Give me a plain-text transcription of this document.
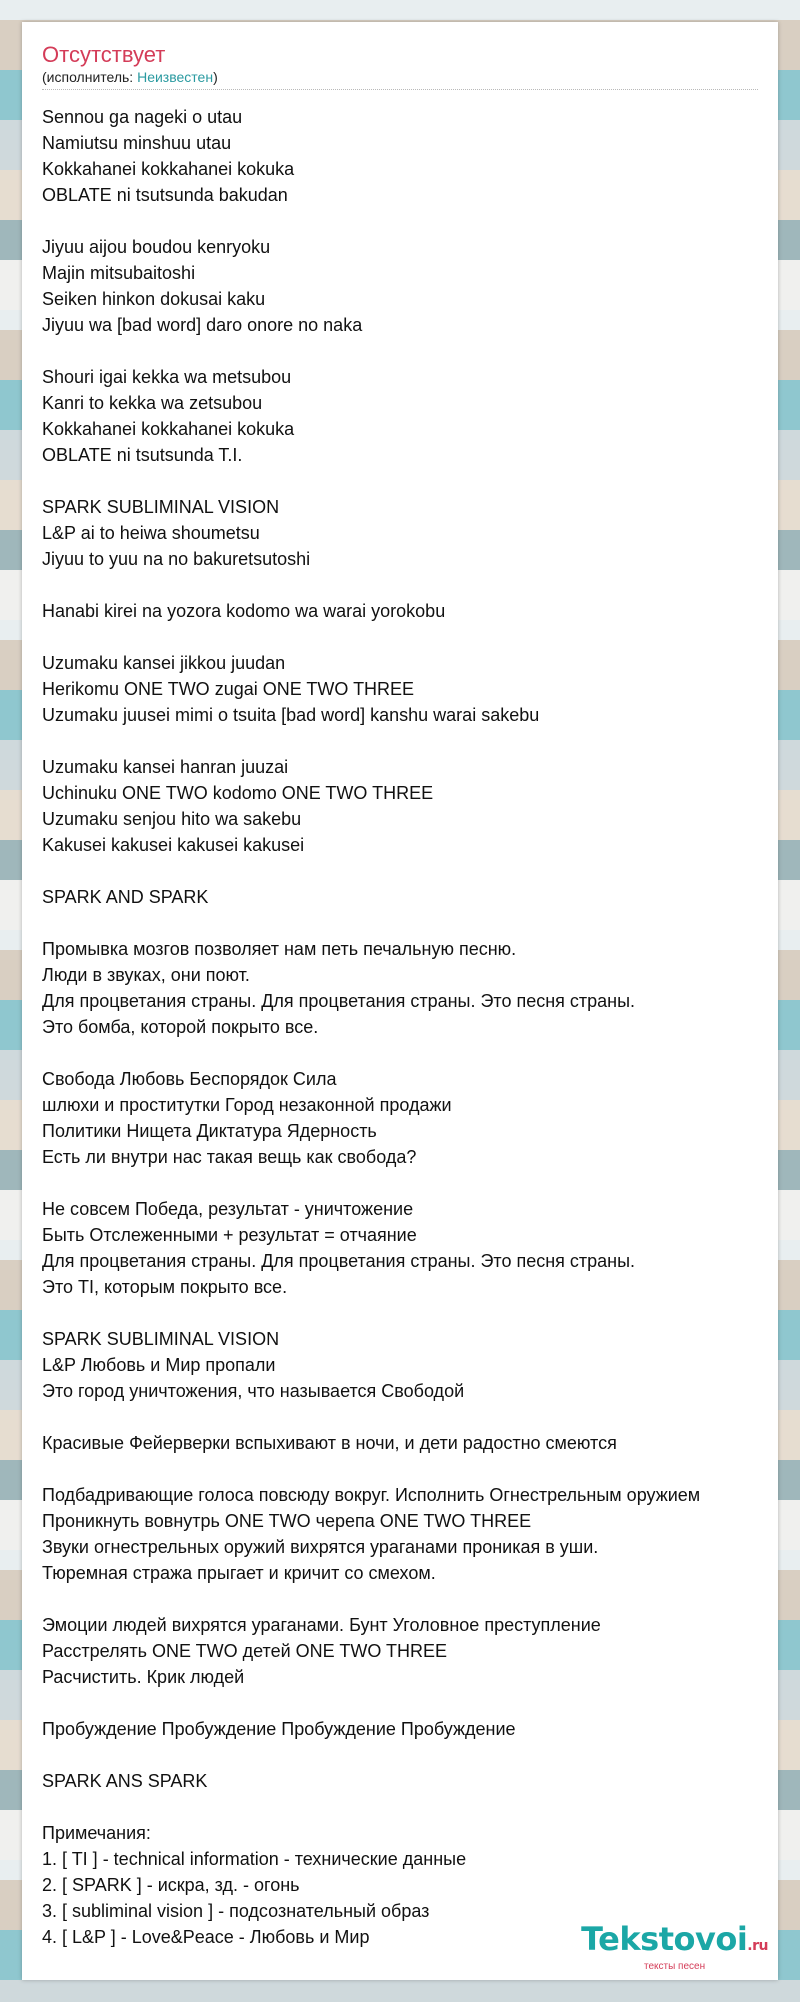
Отсутствует
(исполнитель: Неизвестен)
Sennou ga nageki o utau
Namiutsu minshuu utau
Kokkahanei kokkahanei kokuka
OBLATE ni tsutsunda bakudan
Jiyuu aijou boudou kenryoku
Majin mitsubaitoshi
Seiken hinkon dokusai kaku
Jiyuu wa [bad word] daro onore no naka
Shouri igai kekka wa metsubou
Kanri to kekka wa zetsubou
Kokkahanei kokkahanei kokuka
OBLATE ni tsutsunda T.I.
SPARK SUBLIMINAL VISION
L&P ai to heiwa shoumetsu
Jiyuu to yuu na no bakuretsutoshi
Hanabi kirei na yozora kodomo wa warai yorokobu
Uzumaku kansei jikkou juudan
Herikomu ONE TWO zugai ONE TWO THREE
Uzumaku juusei mimi o tsuita [bad word] kanshu warai sakebu
Uzumaku kansei hanran juuzai
Uchinuku ONE TWO kodomo ONE TWO THREE
Uzumaku senjou hito wa sakebu
Kakusei kakusei kakusei kakusei
SPARK AND SPARK
Промывка мозгов позволяет нам петь печальную песню.
Люди в звуках, они поют.
Для процветания страны. Для процветания страны. Это песня страны.
Это бомба, которой покрыто все.
Свобода Любовь Беспорядок Сила
шлюхи и проститутки Город незаконной продажи
Политики Нищета Диктатура Ядерность
Есть ли внутри нас такая вещь как свобода?
Не совсем Победа, результат - уничтожение
Быть Отслеженными + результат = отчаяние
Для процветания страны. Для процветания страны. Это песня страны.
Это TI, которым покрыто все.
SPARK SUBLIMINAL VISION
L&P Любовь и Мир пропали
Это город уничтожения, что называется Свободой
Красивые Фейерверки вспыхивают в ночи, и дети радостно смеются
Подбадривающие голоса повсюду вокруг. Исполнить Огнестрельным оружием
Проникнуть вовнутрь ONE TWO черепа ONE TWO THREE
Звуки огнестрельных оружий вихрятся ураганами проникая в уши.
Тюремная стража прыгает и кричит со смехом.
Эмоции людей вихрятся ураганами. Бунт Уголовное преступление
Расстрелять ONE TWO детей ONE TWO THREE
Расчистить. Крик людей
Пробуждение Пробуждение Пробуждение Пробуждение
SPARK ANS SPARK
Примечания:
1. [ TI ] - technical information - технические данные
2. [ SPARK ] - искра, зд. - огонь
3. [ subliminal vision ] - подсознательный образ
4. [ L&P ] - Love&Peace - Любовь и Мир	Tekstovoi.ru
тексты песен
